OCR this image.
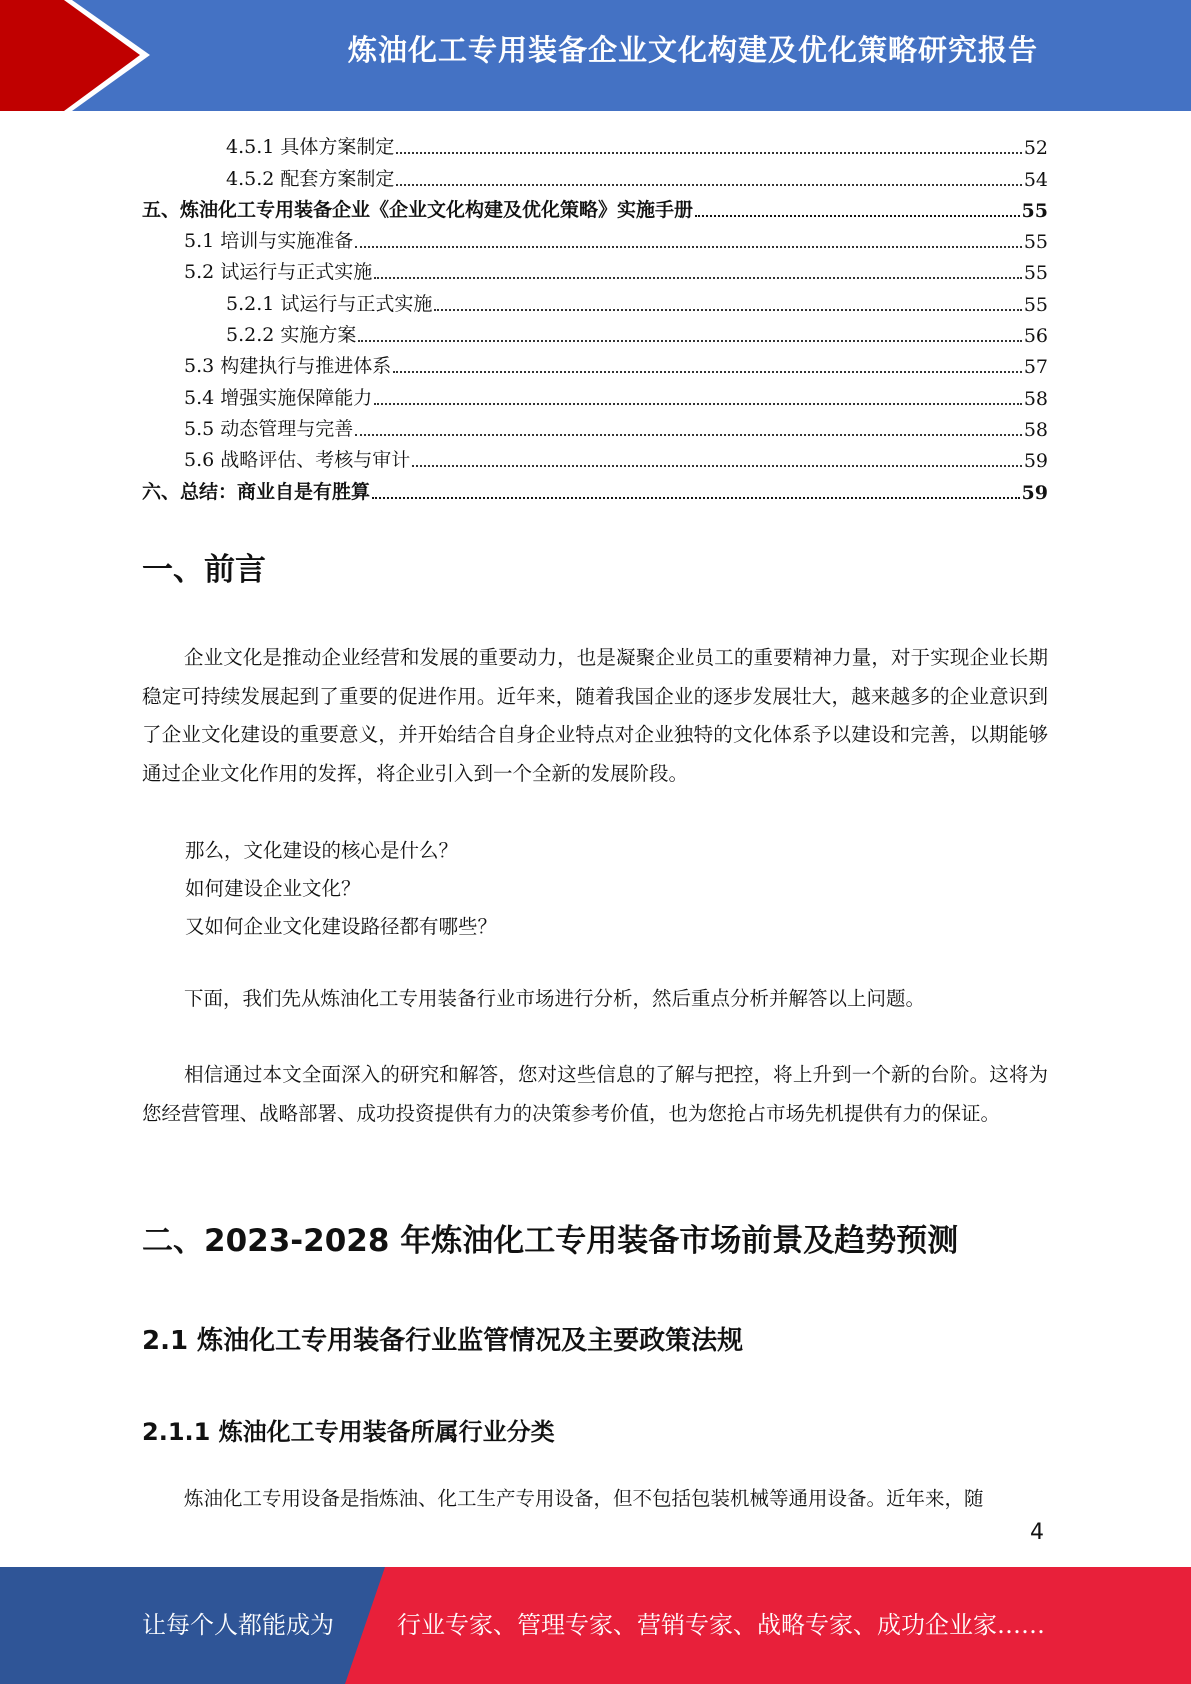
炼油化工专用装备企业文化构建及优化策略研究报告
4.5.1 具体方案制定	52
4.5.2 配套方案制定	54
五、炼油化工专用装备企业《企业文化构建及优化策略》实施手册	55
5.1 培训与实施准备	55
5.2 试运行与正式实施	55
5.2.1 试运行与正式实施	55
5.2.2 实施方案	56
5.3 构建执行与推进体系	57
5.4 增强实施保障能力	58
5.5 动态管理与完善	58
5.6 战略评估、考核与审计	59
六、总结：商业自是有胜算	59
一、前言

企业文化是推动企业经营和发展的重要动力，也是凝聚企业员工的重要精神力量，对于实现企业长期稳定可持续发展起到了重要的促进作用。近年来，随着我国企业的逐步发展壮大，越来越多的企业意识到了企业文化建设的重要意义，并开始结合自身企业特点对企业独特的文化体系予以建设和完善，以期能够通过企业文化作用的发挥，将企业引入到一个全新的发展阶段。

那么，文化建设的核心是什么？

如何建设企业文化？

又如何企业文化建设路径都有哪些？

下面，我们先从炼油化工专用装备行业市场进行分析，然后重点分析并解答以上问题。

相信通过本文全面深入的研究和解答，您对这些信息的了解与把控，将上升到一个新的台阶。这将为您经营管理、战略部署、成功投资提供有力的决策参考价值，也为您抢占市场先机提供有力的保证。

二、2023-2028 年炼油化工专用装备市场前景及趋势预测
2.1 炼油化工专用装备行业监管情况及主要政策法规
2.1.1 炼油化工专用装备所属行业分类

炼油化工专用设备是指炼油、化工生产专用设备，但不包括包装机械等通用设备。近年来，随

4
让每个人都能成为	行业专家、管理专家、营销专家、战略专家、成功企业家……
